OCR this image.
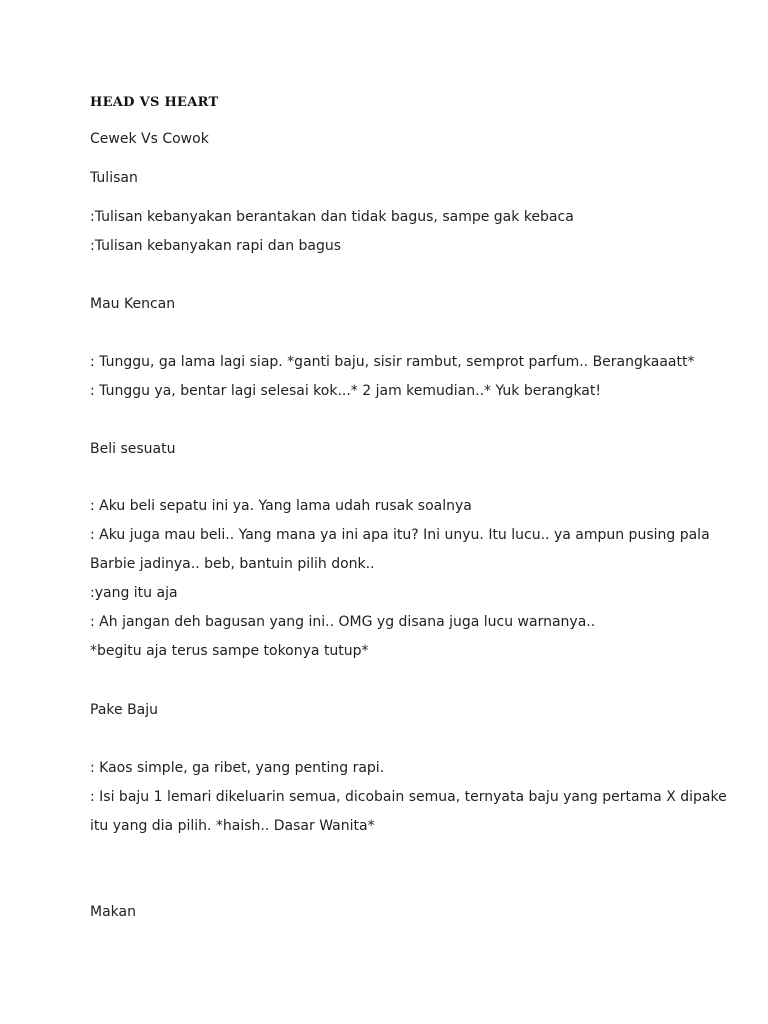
HEAD VS HEART
Cewek Vs Cowok
Tulisan
:Tulisan kebanyakan berantakan dan tidak bagus, sampe gak kebaca
:Tulisan kebanyakan rapi dan bagus
Mau Kencan
: Tunggu, ga lama lagi siap. *ganti baju, sisir rambut, semprot parfum.. Berangkaaatt*
: Tunggu ya, bentar lagi selesai kok...* 2 jam kemudian..* Yuk berangkat!
Beli sesuatu
: Aku beli sepatu ini ya. Yang lama udah rusak soalnya
: Aku juga mau beli.. Yang mana ya ini apa itu? Ini unyu. Itu lucu.. ya ampun pusing pala
Barbie jadinya.. beb, bantuin pilih donk..
:yang itu aja
: Ah jangan deh bagusan yang ini.. OMG yg disana juga lucu warnanya..
*begitu aja terus sampe tokonya tutup*
Pake Baju
: Kaos simple, ga ribet, yang penting rapi.
: Isi baju 1 lemari dikeluarin semua, dicobain semua, ternyata baju yang pertama X dipake
itu yang dia pilih. *haish.. Dasar Wanita*
Makan
